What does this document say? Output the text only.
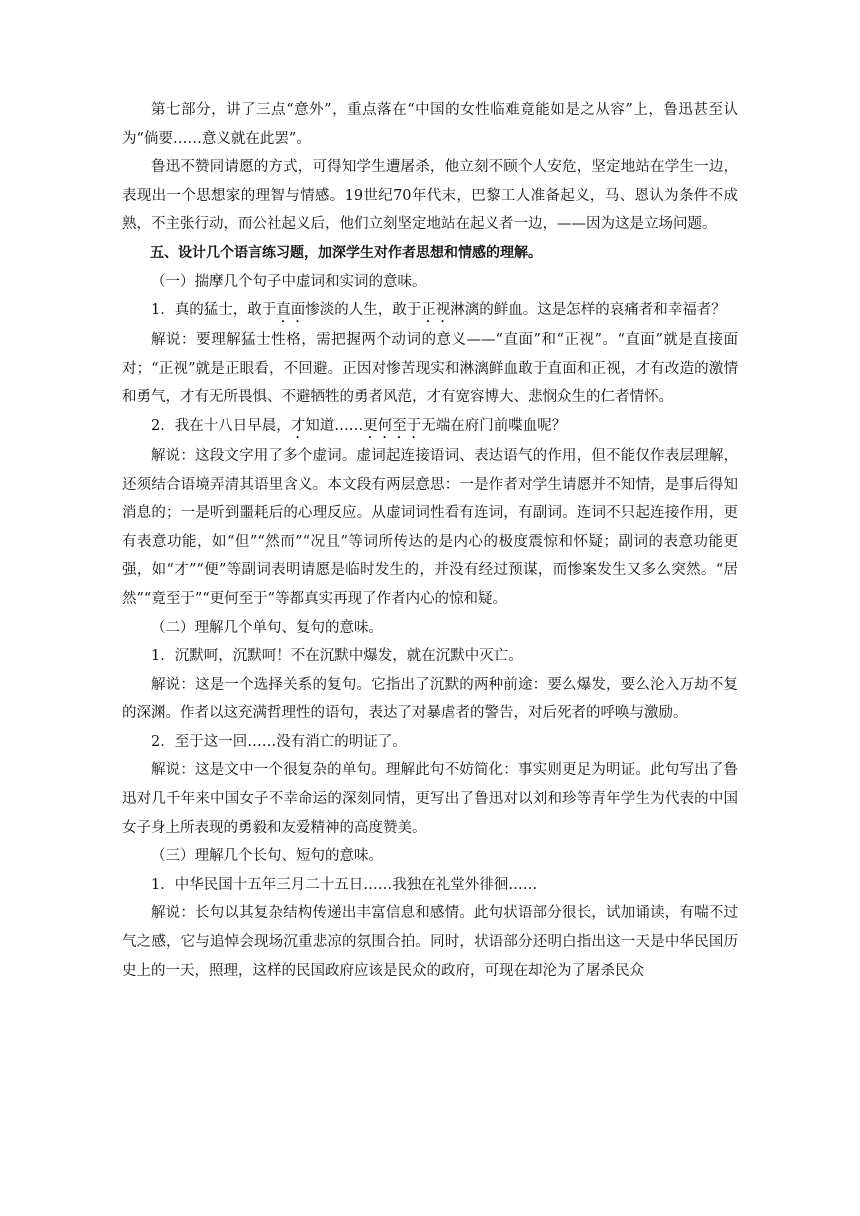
第七部分，讲了三点“意外”，重点落在“中国的女性临难竟能如是之从容”上，鲁迅甚至认为“倘要……意义就在此罢”。

鲁迅不赞同请愿的方式，可得知学生遭屠杀，他立刻不顾个人安危，坚定地站在学生一边，表现出一个思想家的理智与情感。19世纪70年代末，巴黎工人准备起义，马、恩认为条件不成熟，不主张行动，而公社起义后，他们立刻坚定地站在起义者一边，——因为这是立场问题。

五、设计几个语言练习题，加深学生对作者思想和情感的理解。

（一）揣摩几个句子中虚词和实词的意味。

1．真的猛士，敢于直面惨淡的人生，敢于正视淋漓的鲜血。这是怎样的哀痛者和幸福者？

解说：要理解猛士性格，需把握两个动词的意义——“直面”和“正视”。“直面”就是直接面对；“正视”就是正眼看，不回避。正因对惨苦现实和淋漓鲜血敢于直面和正视，才有改造的激情和勇气，才有无所畏惧、不避牺牲的勇者风范，才有宽容博大、悲悯众生的仁者情怀。

2．我在十八日早晨，才知道……更何至于无端在府门前喋血呢？

解说：这段文字用了多个虚词。虚词起连接语词、表达语气的作用，但不能仅作表层理解，还须结合语境弄清其语里含义。本文段有两层意思：一是作者对学生请愿并不知情，是事后得知消息的；一是听到噩耗后的心理反应。从虚词词性看有连词，有副词。连词不只起连接作用，更有表意功能，如“但”“然而”“况且”等词所传达的是内心的极度震惊和怀疑；副词的表意功能更强，如“才”“便”等副词表明请愿是临时发生的，并没有经过预谋，而惨案发生又多么突然。“居然”“竟至于”“更何至于”等都真实再现了作者内心的惊和疑。

（二）理解几个单句、复句的意味。

1．沉默呵，沉默呵！不在沉默中爆发，就在沉默中灭亡。

解说：这是一个选择关系的复句。它指出了沉默的两种前途：要么爆发，要么沦入万劫不复的深渊。作者以这充满哲理性的语句，表达了对暴虐者的警告，对后死者的呼唤与激励。

2．至于这一回……没有消亡的明证了。

解说：这是文中一个很复杂的单句。理解此句不妨简化：事实则更足为明证。此句写出了鲁迅对几千年来中国女子不幸命运的深刻同情，更写出了鲁迅对以刘和珍等青年学生为代表的中国女子身上所表现的勇毅和友爱精神的高度赞美。

（三）理解几个长句、短句的意味。

1．中华民国十五年三月二十五日……我独在礼堂外徘徊……

解说：长句以其复杂结构传递出丰富信息和感情。此句状语部分很长，试加诵读，有喘不过气之感，它与追悼会现场沉重悲凉的氛围合拍。同时，状语部分还明白指出这一天是中华民国历史上的一天，照理，这样的民国政府应该是民众的政府，可现在却沦为了屠杀民众
